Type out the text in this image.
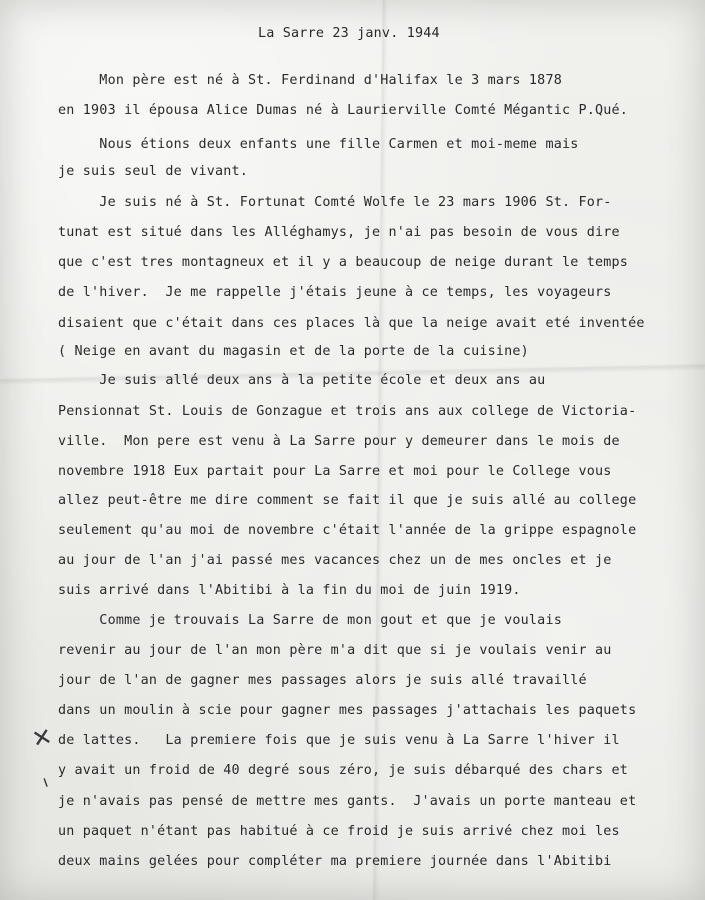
La Sarre 23 janv. 1944
Mon père est né à St. Ferdinand d'Halifax le 3 mars 1878
en 1903 il épousa Alice Dumas né à Laurierville Comté Mégantic P.Qué.
Nous étions deux enfants une fille Carmen et moi-meme mais
je suis seul de vivant.
Je suis né à St. Fortunat Comté Wolfe le 23 mars 1906 St. For-
tunat est situé dans les Alléghamys, je n'ai pas besoin de vous dire
que c'est tres montagneux et il y a beaucoup de neige durant le temps
de l'hiver.  Je me rappelle j'étais jeune à ce temps, les voyageurs
disaient que c'était dans ces places là que la neige avait eté inventée
( Neige en avant du magasin et de la porte de la cuisine)
Je suis allé deux ans à la petite école et deux ans au
Pensionnat St. Louis de Gonzague et trois ans aux college de Victoria-
ville.  Mon pere est venu à La Sarre pour y demeurer dans le mois de
novembre 1918 Eux partait pour La Sarre et moi pour le College vous
allez peut-être me dire comment se fait il que je suis allé au college
seulement qu'au moi de novembre c'était l'année de la grippe espagnole
au jour de l'an j'ai passé mes vacances chez un de mes oncles et je
suis arrivé dans l'Abitibi à la fin du moi de juin 1919.
Comme je trouvais La Sarre de mon gout et que je voulais
revenir au jour de l'an mon père m'a dit que si je voulais venir au
jour de l'an de gagner mes passages alors je suis allé travaillé
dans un moulin à scie pour gagner mes passages j'attachais les paquets
de lattes.   La premiere fois que je suis venu à La Sarre l'hiver il
y avait un froid de 40 degré sous zéro, je suis débarqué des chars et
je n'avais pas pensé de mettre mes gants.  J'avais un porte manteau et
un paquet n'étant pas habitué à ce froid je suis arrivé chez moi les
deux mains gelées pour compléter ma premiere journée dans l'Abitibi
✕
ı
